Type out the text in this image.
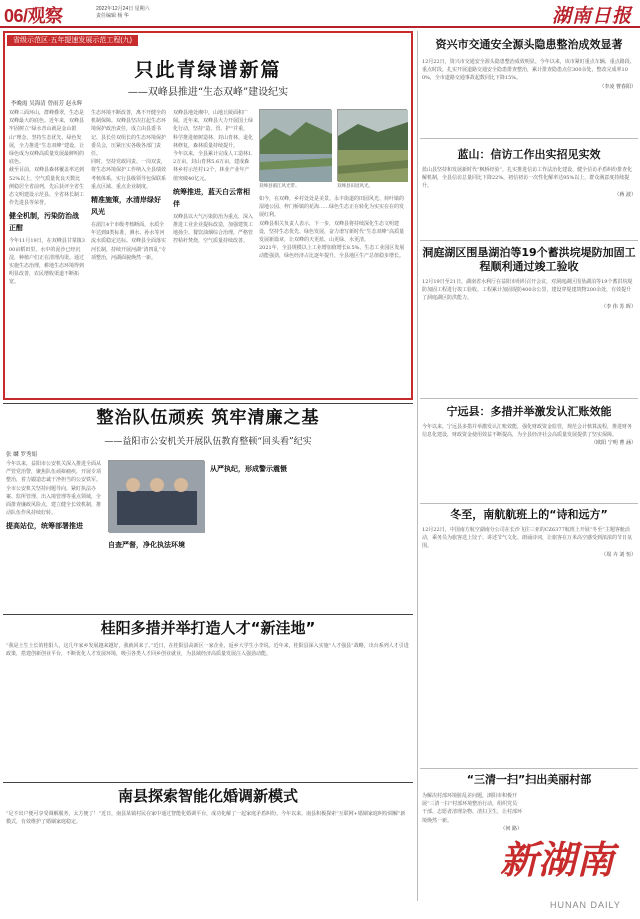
06/观察	2022年12月24日 星期六
责任编辑 杨 华	湖南日报
省级示范区·五年提速发展示范工程(九)
只此青绿谱新篇
——双峰县推进“生态双峰”建设纪实
李晚霞 吴海清 曾雨芳 赵永辉
双峰三面环山，群峰叠翠，生态是双峰最大的底色。近年来，双峰县牢固树立“绿水青山就是金山银山”理念，坚持生态优先、绿色发展，全力推进“生态双峰”建设，让绿色成为双峰高质量发展最鲜明的底色。
截至目前，双峰县森林覆盖率达到52%以上，空气质量优良天数比例稳居全省前列，先后获评全省生态文明建设示范县、全省林长制工作先进县等荣誉。
健全机制，污染防治战正酣
今年11月19日，在双峰县甘棠镇300亩稻田里，水中的泥沙已经沉淀，种植户们正在清理沟渠。通过实施生态治理，耕地生态环境得到明显改善，农民增收渠道不断拓宽。
生态环境不断改善，离不开健全的机制保障。双峰县坚决扛起生态环境保护政治责任，成立由县委书记、县长任双组长的生态环境保护委员会，压紧压实各级各部门责任。
同时，坚持党政同责、一岗双责，将生态环境保护工作纳入全县绩效考核体系，实行县级领导包保联系重点区域、重点企业制度。
精准施策，水清岸绿好风光
在湄江4个市级考核断面，水质全年达到Ⅱ类标准，测水、孙水等河流水质稳定达标。双峰县全面落实河长制，持续开展河湖“清四乱”专项整治，河湖面貌焕然一新。
双峰县地处湘中，山地丘陵面积广阔。近年来，双峰县大力开展国土绿化行动，坚持“造、管、护”并重，科学推进植树造林、封山育林、退化林修复，森林质量持续提升。
今年以来，全县累计完成人工造林1.2万亩，封山育林5.6万亩，建成森林乡村示范村12个，林业产业年产值突破40亿元。
统筹推进，蓝天白云常相伴
双峰县以大气污染防治为重点，深入推进工业企业提标改造，加强建筑工地扬尘、餐饮油烟综合治理，严格管控秸秆焚烧，空气质量持续改善。
双峰县湄江风光带。	双峰县田园风光。
如今，在双峰，乡村处处是美景。永丰街道的田园风光、荷叶镇的湿地公园、梓门桥镇的花海……绿色生态正在转化为实实在在的发展红利。
双峰县相关负责人表示，下一步，双峰县将持续深化生态文明建设，坚持生态优先、绿色发展，奋力谱写新时代“生态双峰”高质量发展新篇章，让双峰的天更蓝、山更绿、水更清。
2021年，全县规模以上工业增加值增长8.5%，生态工业园区发展动能强劲，绿色经济占比逐年提升，全县地区生产总值稳步增长。
资兴市交通安全源头隐患整治成效显著
12月22日，资兴市交通安全源头隐患整治成效明显。今年以来，该市紧盯重点车辆、重点路段、重点时段，扎实开展道路交通安全隐患排查整治，累计排查隐患点位300余处，整改完成率100%，全市道路交通事故起数同比下降15%。
（李凌 曹春阳）
蓝山：信访工作出实招见实效
蓝山县坚持和发展新时代“枫桥经验”，扎实推进信访工作法治化建设，健全信访矛盾纠纷排查化解机制，全县信访总量同比下降22%，初信初访一次性化解率达95%以上，群众满意度持续提升。
（蒋 波）
洞庭湖区围垦湖泊等19个蓄洪垸堤防加固工程顺利通过竣工验收
12月19日至21日，湖南省水利厅在益阳市组织召开会议，对洞庭湖区围垦湖泊等19个蓄洪垸堤防加固工程进行竣工验收。工程累计加固堤防400余公里，建设穿堤建筑物200余处，有效提升了洞庭湖区防洪能力。
（李 伟 苏 晖）
宁远县：多措并举激发认汇账效能
今年以来，宁远县多措并举激发认汇账效能，强化财政资金监管，规范会计核算流程，推进财务信息化建设，财政资金使用效益不断提高，为全县经济社会高质量发展提供了坚实保障。
（欧阳 宁明 曹 涵）
冬至，南航航班上的“诗和远方”
12月22日，中国南方航空湖南分公司在长沙飞往三亚的CZ6377航班上开展“冬至”主题客舱活动，乘务员为旅客送上饺子、讲述节气文化、朗诵诗词，让旅客在万米高空感受到浓浓的节日氛围。
（周 卉 刘 恒）
“三清一扫”扫出美丽村部
为解决村部环境脏乱差问题，浏阳市积极开展“三清一扫”村部环境整治行动，组织党员干部、志愿者清理杂物、清扫卫生，让村部环境焕然一新。
（何 路）
整治队伍顽疾 筑牢清廉之基
——益阳市公安机关开展队伍教育整顿“回头看”纪实
张 麟 罗秀娟
今年以来，益阳市公安机关深入推进全面从严管党治警，聚焦队伍顽瘴痼疾，开展专项整治，着力锻造忠诚干净担当的公安铁军。
全市公安机关坚持问题导向，紧盯执法办案、监所管理、出入境管理等重点领域，全面排查廉政风险点，建立健全长效机制，推动队伍作风持续好转。
提高站位，统筹部署推进
自查严督，净化执法环境
从严执纪，形成警示震慑
桂阳多措并举打造人才“新洼地”
“我是土生土长的桂阳人，这几年家乡发展越来越好，我就回来了。”近日，在桂阳县高新区一家企业，返乡大学生小李说。近年来，桂阳县深入实施“人才强县”战略，出台系列人才引进政策，搭建创新创业平台，不断优化人才发展环境，吸引各类人才回乡创业就业，为县域经济高质量发展注入强劲动能。
南县探索智能化婚调新模式
“足不出户便可享受调解服务，太方便了！”近日，南县某镇村民在家中通过智能化婚调平台，成功化解了一起家庭矛盾纠纷。今年以来，南县积极探索“互联网+婚姻家庭纠纷调解”新模式，有效维护了婚姻家庭稳定。
新湖南
HUNAN DAILY
